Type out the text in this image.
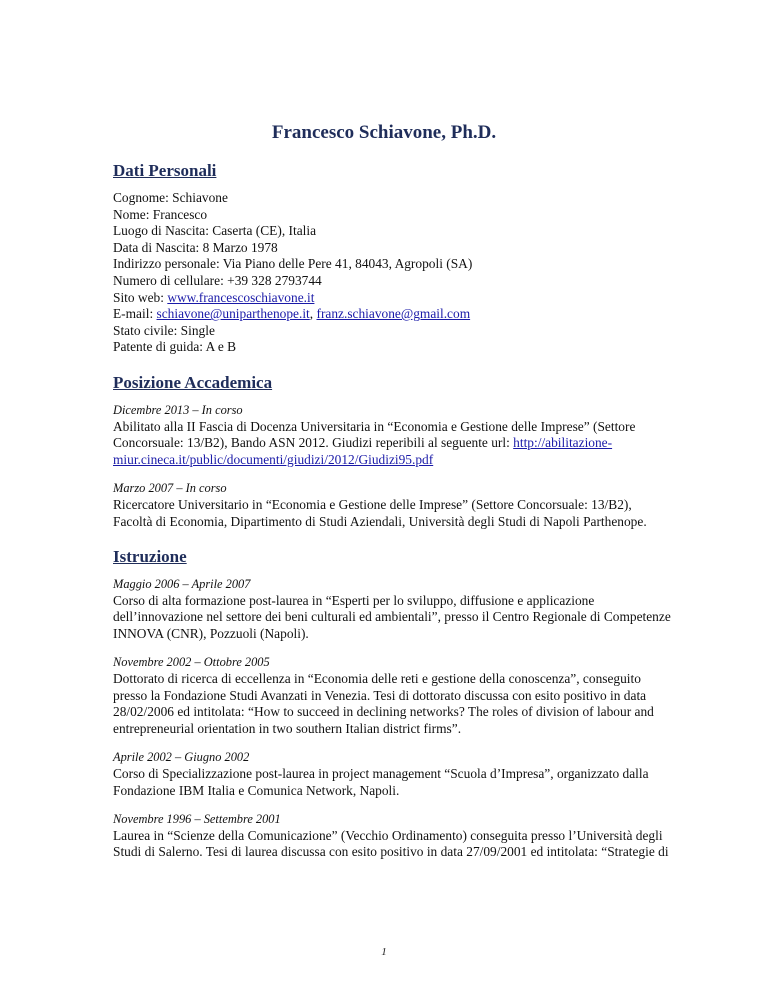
Francesco Schiavone, Ph.D.
Dati Personali
Cognome: Schiavone
Nome: Francesco
Luogo di Nascita: Caserta (CE), Italia
Data di Nascita: 8 Marzo 1978
Indirizzo personale: Via Piano delle Pere 41, 84043, Agropoli (SA)
Numero di cellulare: +39 328 2793744
Sito web: www.francescoschiavone.it
E-mail: schiavone@uniparthenope.it, franz.schiavone@gmail.com
Stato civile: Single
Patente di guida: A e B
Posizione Accademica
Dicembre 2013 – In corso
Abilitato alla II Fascia di Docenza Universitaria in “Economia e Gestione delle Imprese” (Settore Concorsuale: 13/B2), Bando ASN 2012. Giudizi reperibili al seguente url: http://abilitazione-miur.cineca.it/public/documenti/giudizi/2012/Giudizi95.pdf
Marzo 2007 – In corso
Ricercatore Universitario in “Economia e Gestione delle Imprese” (Settore Concorsuale: 13/B2), Facoltà di Economia, Dipartimento di Studi Aziendali, Università degli Studi di Napoli Parthenope.
Istruzione
Maggio 2006 – Aprile 2007
Corso di alta formazione post-laurea in “Esperti per lo sviluppo, diffusione e applicazione dell’innovazione nel settore dei beni culturali ed ambientali”, presso il Centro Regionale di Competenze INNOVA (CNR), Pozzuoli (Napoli).
Novembre 2002 – Ottobre 2005
Dottorato di ricerca di eccellenza in “Economia delle reti e gestione della conoscenza”, conseguito presso la Fondazione Studi Avanzati in Venezia. Tesi di dottorato discussa con esito positivo in data 28/02/2006 ed intitolata: “How to succeed in declining networks? The roles of division of labour and entrepreneurial orientation in two southern Italian district firms”.
Aprile 2002 – Giugno 2002
Corso di Specializzazione post-laurea in project management “Scuola d’Impresa”, organizzato dalla Fondazione IBM Italia e Comunica Network, Napoli.
Novembre 1996 – Settembre 2001
Laurea in “Scienze della Comunicazione” (Vecchio Ordinamento) conseguita presso l’Università degli Studi di Salerno. Tesi di laurea discussa con esito positivo in data 27/09/2001 ed intitolata: “Strategie di
1
